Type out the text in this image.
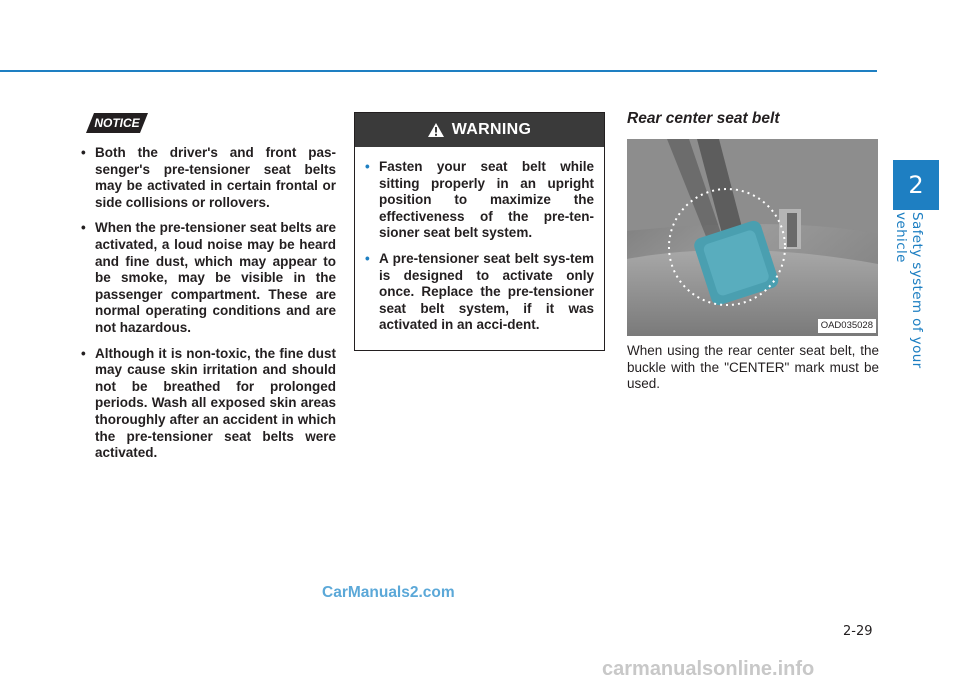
2
Safety system of your vehicle
NOTICE
• Both the driver's and front pas-senger's pre-tensioner seat belts may be activated in certain frontal or side collisions or rollovers.
• When the pre-tensioner seat belts are activated, a loud noise may be heard and fine dust, which may appear to be smoke, may be visible in the passenger compartment. These are normal operating conditions and are not hazardous.
• Although it is non-toxic, the fine dust may cause skin irritation and should not be breathed for prolonged periods. Wash all exposed skin areas thoroughly after an accident in which the pre-tensioner seat belts were activated.
WARNING
• Fasten your seat belt while sitting properly in an upright position to maximize the effectiveness of the pre-ten-sioner seat belt system.
• A pre-tensioner seat belt sys-tem is designed to activate only once. Replace the pre-tensioner seat belt system, if it was activated in an acci-dent.
Rear center seat belt
OAD035028
When using the rear center seat belt, the buckle with the "CENTER" mark must be used.
2-29
CarManuals2.com
carmanualsonline.info
